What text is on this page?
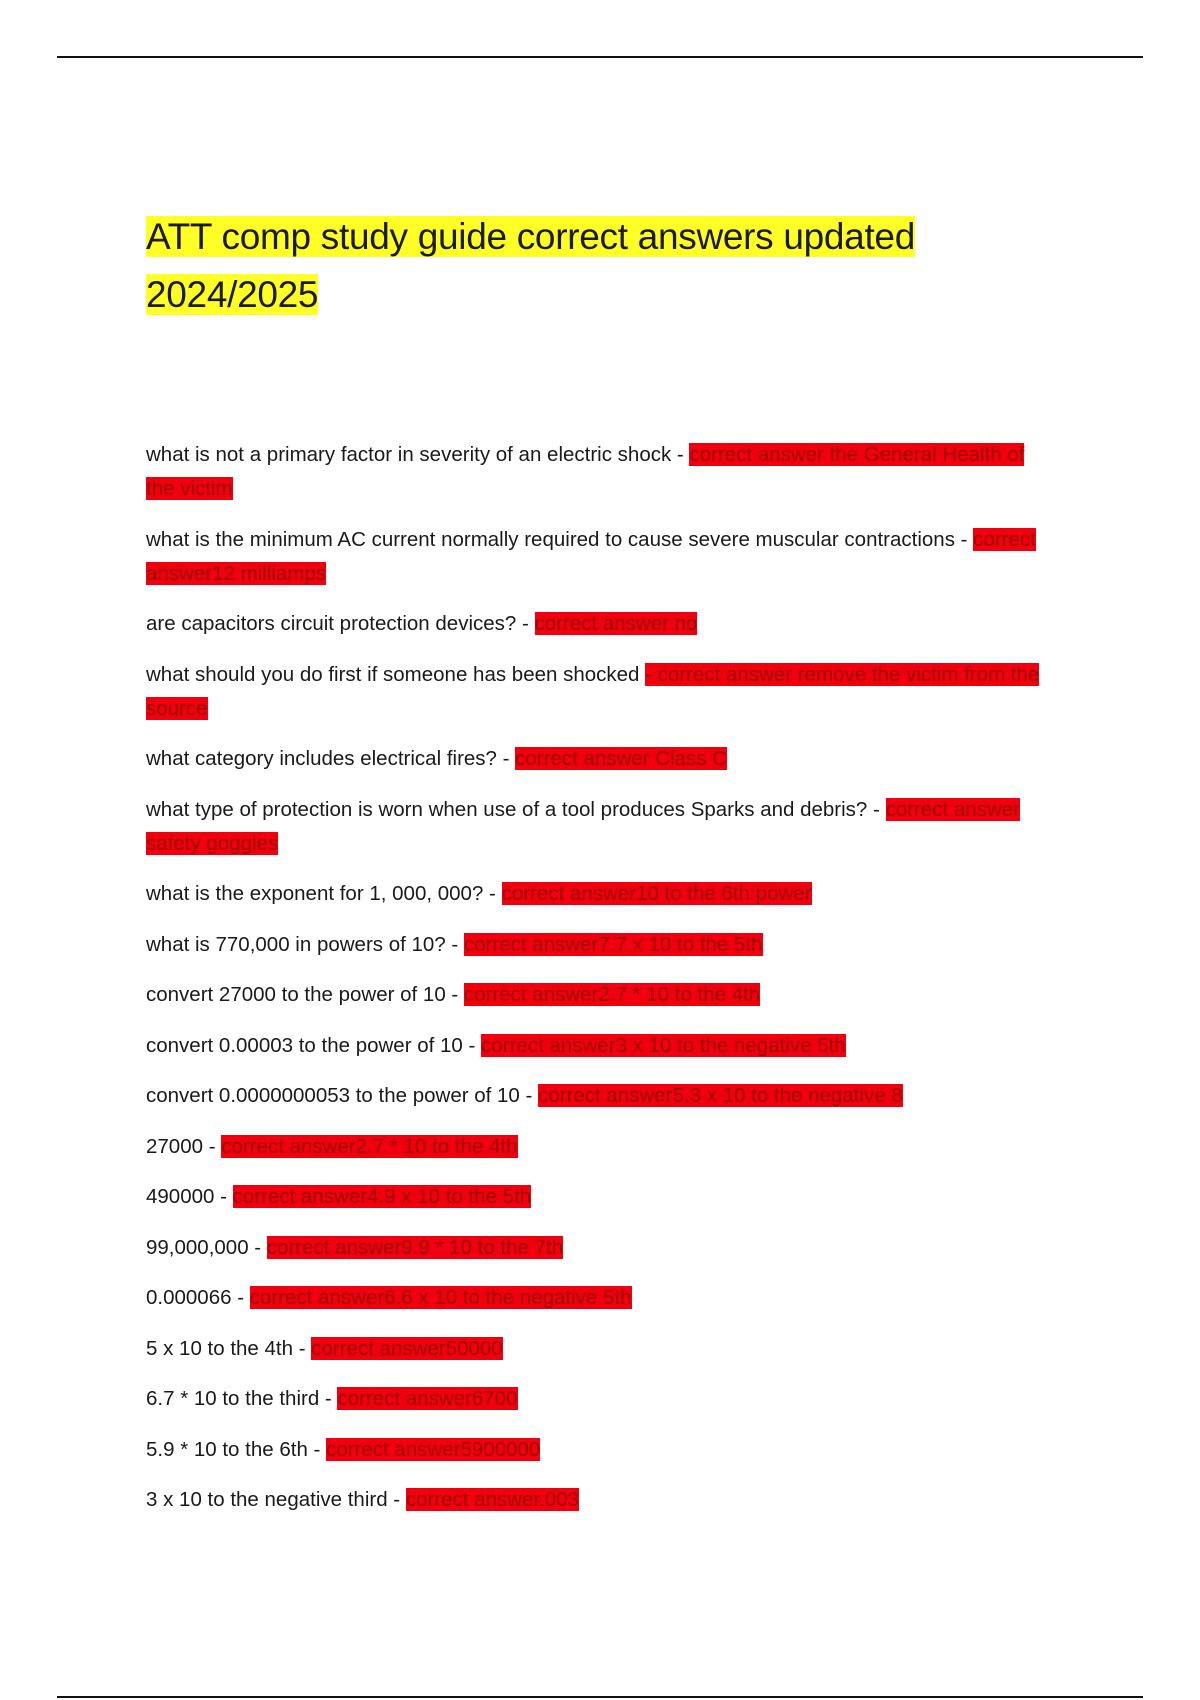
ATT comp study guide correct answers updated 2024/2025

what is not a primary factor in severity of an electric shock - correct answer the General Health of the victim

what is the minimum AC current normally required to cause severe muscular contractions - correct answer12 milliamps

are capacitors circuit protection devices? - correct answer no

what should you do first if someone has been shocked - correct answer remove the victim from the source

what category includes electrical fires? - correct answer Class C

what type of protection is worn when use of a tool produces Sparks and debris? - correct answer safety goggles

what is the exponent for 1, 000, 000? - correct answer10 to the 6th power

what is 770,000 in powers of 10? - correct answer7.7 x 10 to the 5th

convert 27000 to the power of 10 - correct answer2.7 * 10 to the 4th

convert 0.00003 to the power of 10 - correct answer3 x 10 to the negative 5th

convert 0.0000000053 to the power of 10 - correct answer5.3 x 10 to the negative 8

27000 - correct answer2.7 * 10 to the 4th

490000 - correct answer4.9 x 10 to the 5th

99,000,000 - correct answer9.9 * 10 to the 7th

0.000066 - correct answer6.6 x 10 to the negative 5th

5 x 10 to the 4th - correct answer50000

6.7 * 10 to the third - correct answer6700

5.9 * 10 to the 6th - correct answer5900000

3 x 10 to the negative third - correct answer.003
